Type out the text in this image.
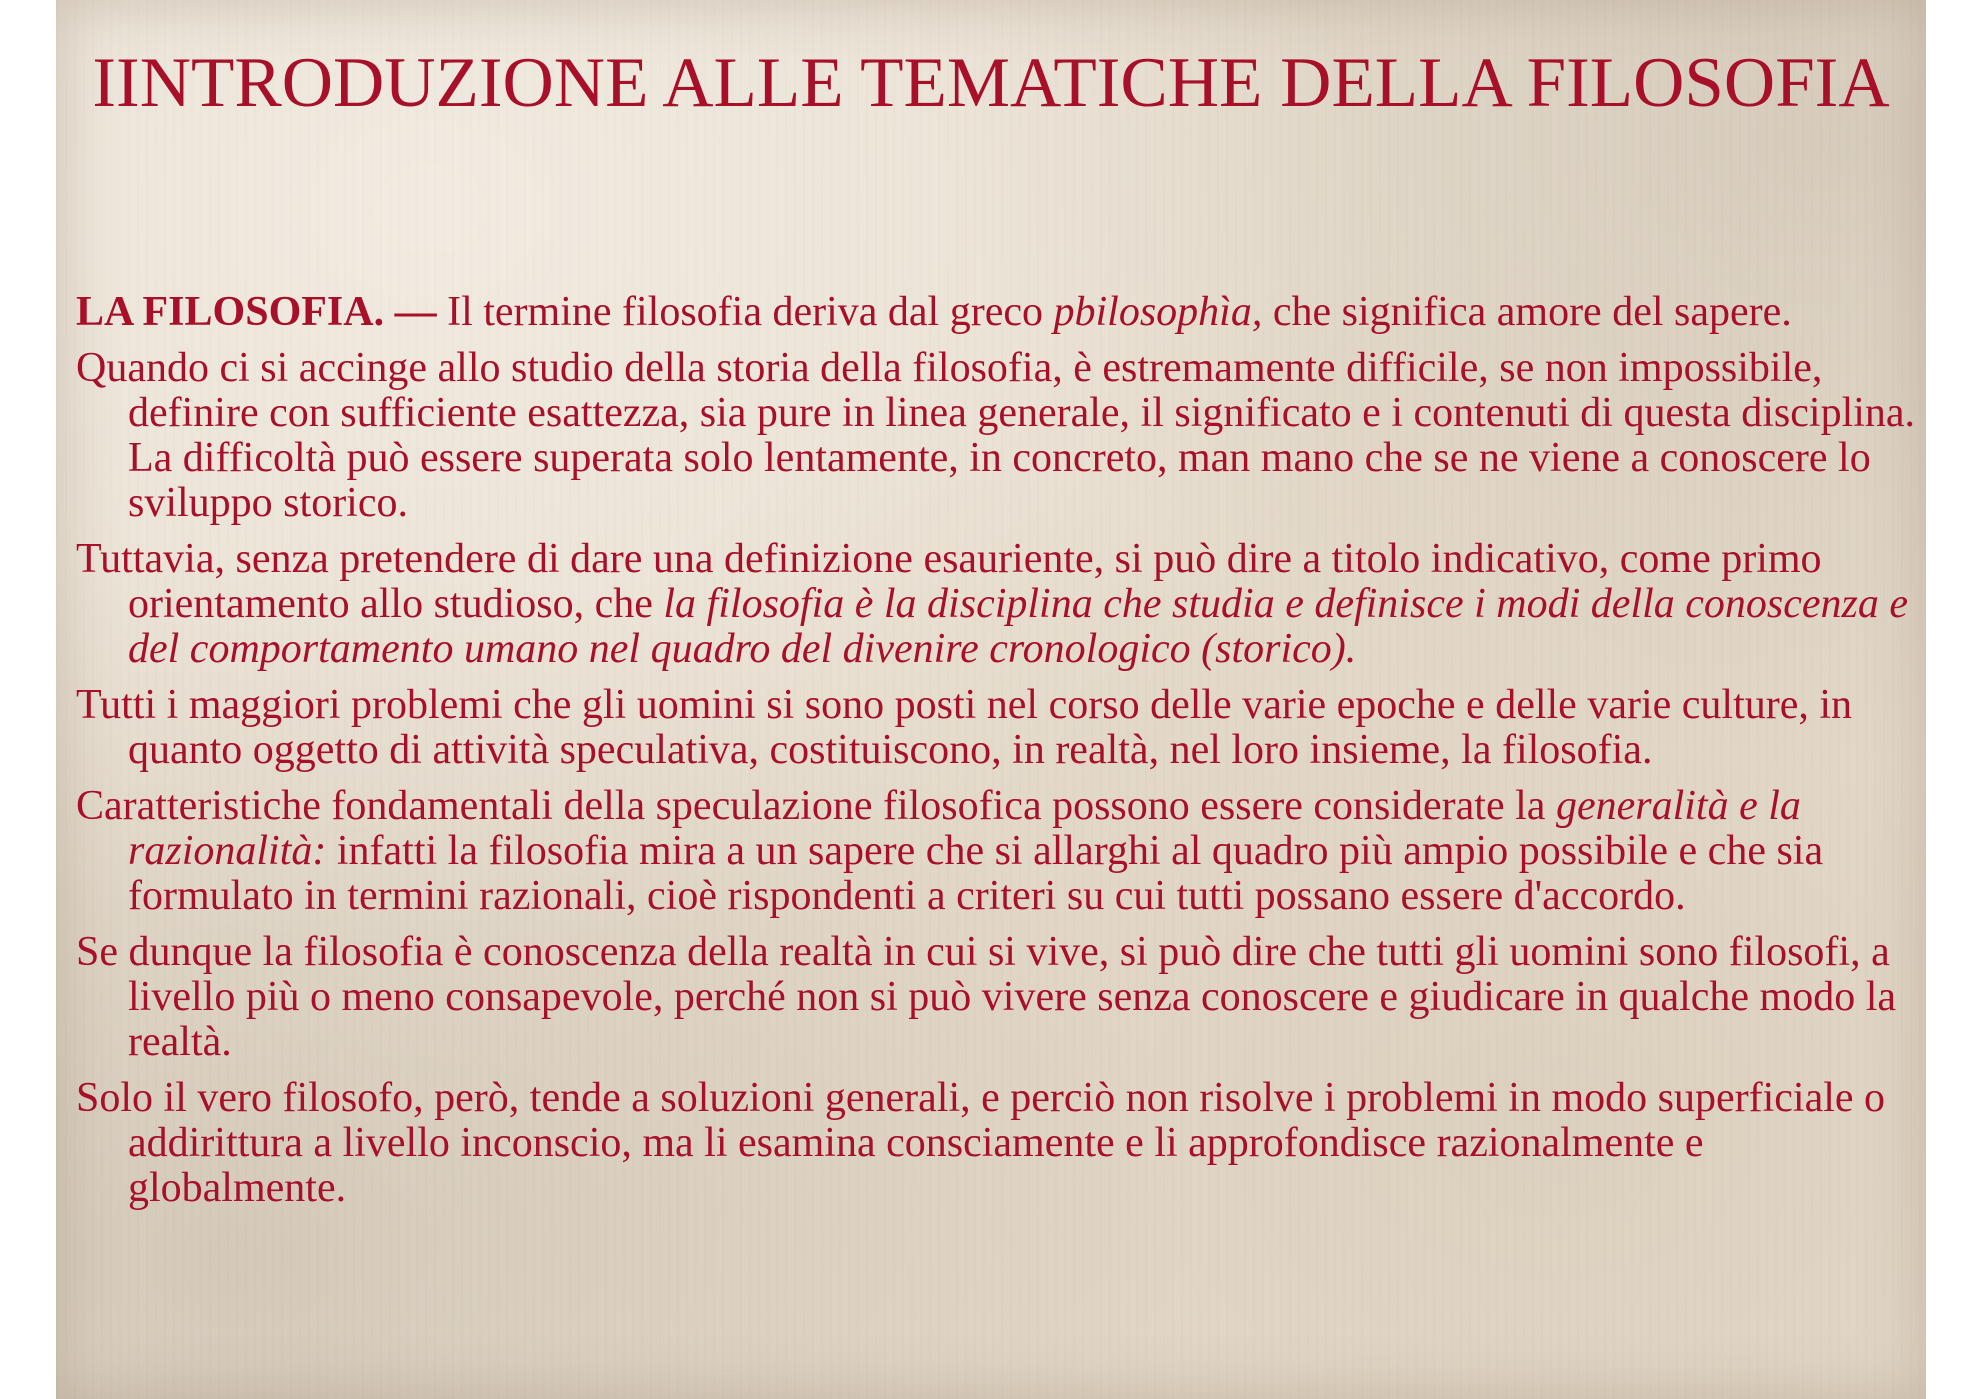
IINTRODUZIONE ALLE TEMATICHE DELLA FILOSOFIA

LA FILOSOFIA. — Il termine filosofia deriva dal greco pbilosophìa, che significa amore del sapere.

Quando ci si accinge allo studio della storia della filosofia, è estremamente difficile, se non impossibile, definire con sufficiente esattezza, sia pure in linea generale, il significato e i contenuti di questa disciplina. La difficoltà può essere superata solo lentamente, in concreto, man mano che se ne viene a conoscere lo sviluppo storico.

Tuttavia, senza pretendere di dare una definizione esauriente, si può dire a titolo indicativo, come primo orientamento allo studioso, che la filosofia è la disciplina che studia e definisce i modi della conoscenza e del comportamento umano nel quadro del divenire cronologico (storico).

Tutti i maggiori problemi che gli uomini si sono posti nel corso delle varie epoche e delle varie culture, in quanto oggetto di attività speculativa, costituiscono, in realtà, nel loro insieme, la filosofia.

Caratteristiche fondamentali della speculazione filosofica possono essere considerate la generalità e la razionalità: infatti la filosofia mira a un sapere che si allarghi al quadro più ampio possibile e che sia formulato in termini razionali, cioè rispondenti a criteri su cui tutti possano essere d'accordo.

Se dunque la filosofia è conoscenza della realtà in cui si vive, si può dire che tutti gli uomini sono filosofi, a livello più o meno consapevole, perché non si può vivere senza conoscere e giudicare in qualche modo la realtà.

Solo il vero filosofo, però, tende a soluzioni generali, e perciò non risolve i problemi in modo superficiale o addirittura a livello inconscio, ma li esamina consciamente e li approfondisce razionalmente e globalmente.
